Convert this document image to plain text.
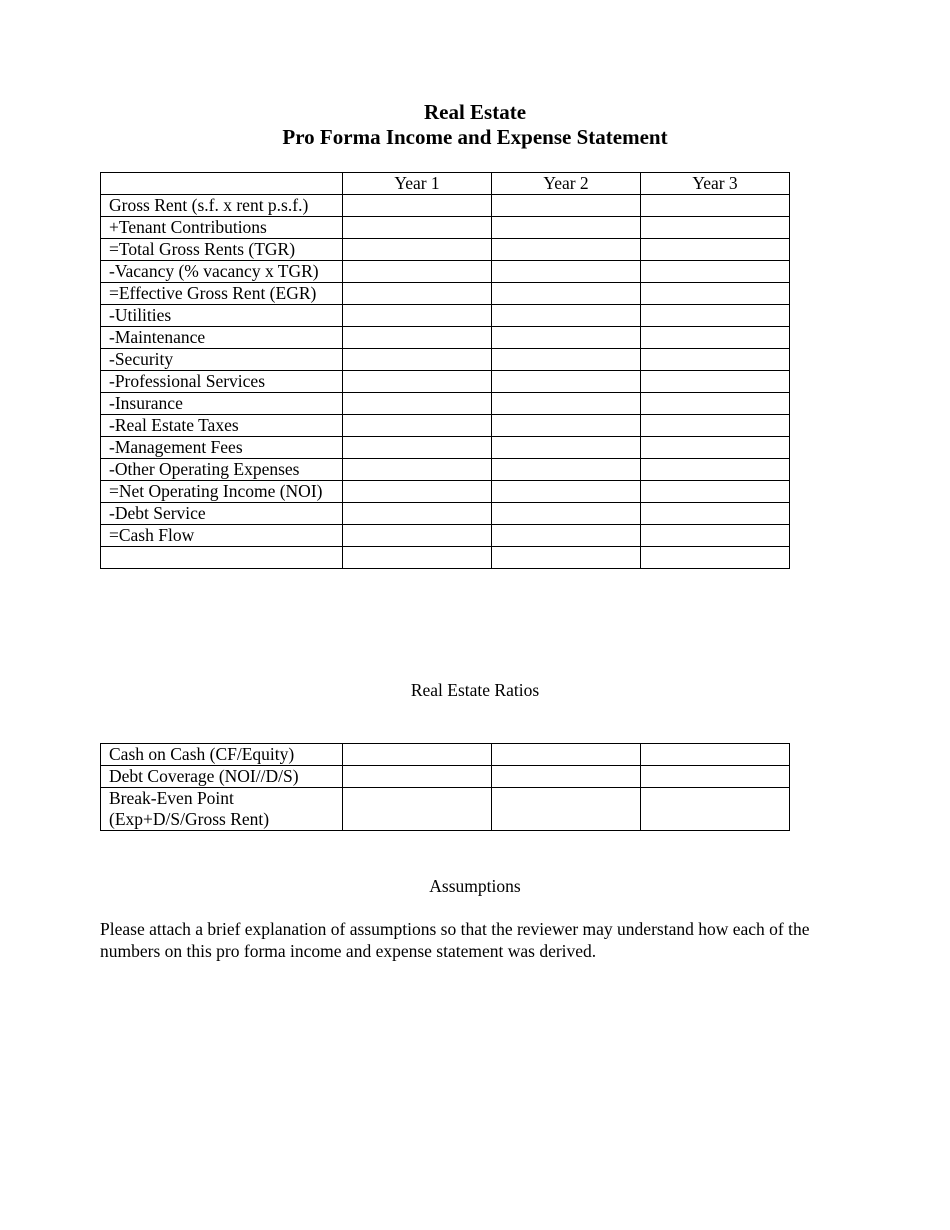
Real Estate
Pro Forma Income and Expense Statement
	Year 1	Year 2	Year 3
Gross Rent (s.f. x rent p.s.f.)			
+Tenant Contributions			
=Total Gross Rents (TGR)			
-Vacancy (% vacancy x TGR)			
=Effective Gross Rent (EGR)			
-Utilities			
-Maintenance			
-Security			
-Professional Services			
-Insurance			
-Real Estate Taxes			
-Management Fees			
-Other Operating Expenses			
=Net Operating Income (NOI)			
-Debt Service			
=Cash Flow			

Real Estate Ratios
Cash on Cash (CF/Equity)			
Debt Coverage (NOI//D/S)			
Break-Even Point (Exp+D/S/Gross Rent)			
Assumptions
Please attach a brief explanation of assumptions so that the reviewer may understand how each of the numbers on this pro forma income and expense statement was derived.
